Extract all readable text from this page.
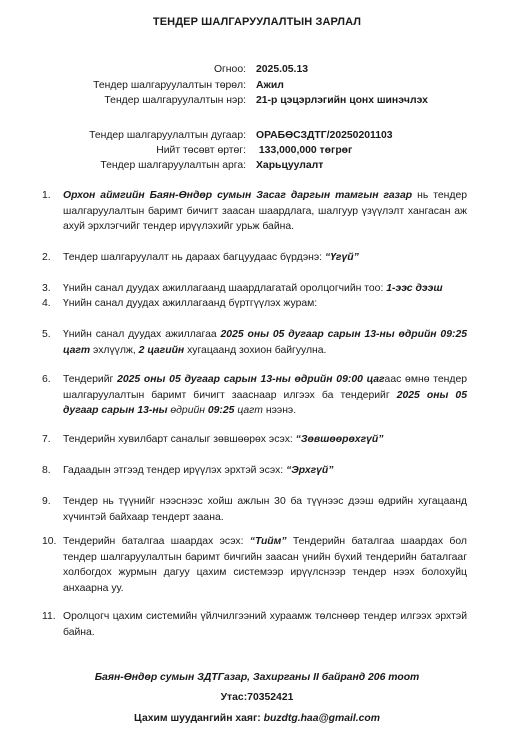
ТЕНДЕР ШАЛГАРУУЛАЛТЫН ЗАРЛАЛ
Огноо: 2025.05.13
Тендер шалгаруулалтын төрөл: Ажил
Тендер шалгаруулалтын нэр: 21-р цэцэрлэгийн цонх шинэчлэх
Тендер шалгаруулалтын дугаар: ОРАБӨСЗДТГ/20250201103
Нийт төсөвт өртөг: 133,000,000 төгрөг
Тендер шалгаруулалтын арга: Харьцуулалт
1. Орхон аймгийн Баян-Өндөр сумын Засаг даргын тамгын газар нь тендер шалгаруулалтын баримт бичигт заасан шаардлага, шалгуур үзүүлэлт хангасан аж ахуй эрхлэгчийг тендер ирүүлэхийг урьж байна.
2. Тендер шалгаруулалт нь дараах багцуудаас бүрдэнэ: “Үгүй”
3. Үнийн санал дуудах ажиллагаанд шаардлагатай оролцогчийн тоо: 1-ээс дээш
4. Үнийн санал дуудах ажиллагаанд бүртгүүлэх журам:
5. Үнийн санал дуудах ажиллагаа 2025 оны 05 дугаар сарын 13-ны өдрийн 09:25 цагт эхлүүлж, 2 цагийн хугацаанд зохион байгуулна.
6. Тендерийг 2025 оны 05 дугаар сарын 13-ны өдрийн 09:00 цагаас өмнө тендер шалгаруулалтын баримт бичигт зааснаар илгээх ба тендерийг 2025 оны 05 дугаар сарын 13-ны өдрийн 09:25 цагт нээнэ.
7. Тендерийн хувилбарт саналыг зөвшөөрөх эсэх: “Зөвшөөрөхгүй”
8. Гадаадын этгээд тендер ирүүлэх эрхтэй эсэх: “Эрхгүй”
9. Тендер нь түүнийг нээснээс хойш ажлын 30 ба түүнээс дээш өдрийн хугацаанд хүчинтэй байхаар тендерт заана.
10. Тендерийн баталгаа шаардах эсэх: “Тийм” Тендерийн баталгаа шаардах бол тендер шалгаруулалтын баримт бичгийн заасан үнийн бүхий тендерийн баталгааг холбогдох журмын дагуу цахим системээр ирүүлснээр тендер нээх болохуйц анхаарна уу.
11. Оролцогч цахим системийн үйлчилгээний хураамж төлснөөр тендер илгээх эрхтэй байна.
Баян-Өндөр сумын ЗДТГазар, Захирганы II байранд 206 тоот
Утас:70352421
Цахим шуудангийн хаяг: buzdtg.haa@gmail.com
